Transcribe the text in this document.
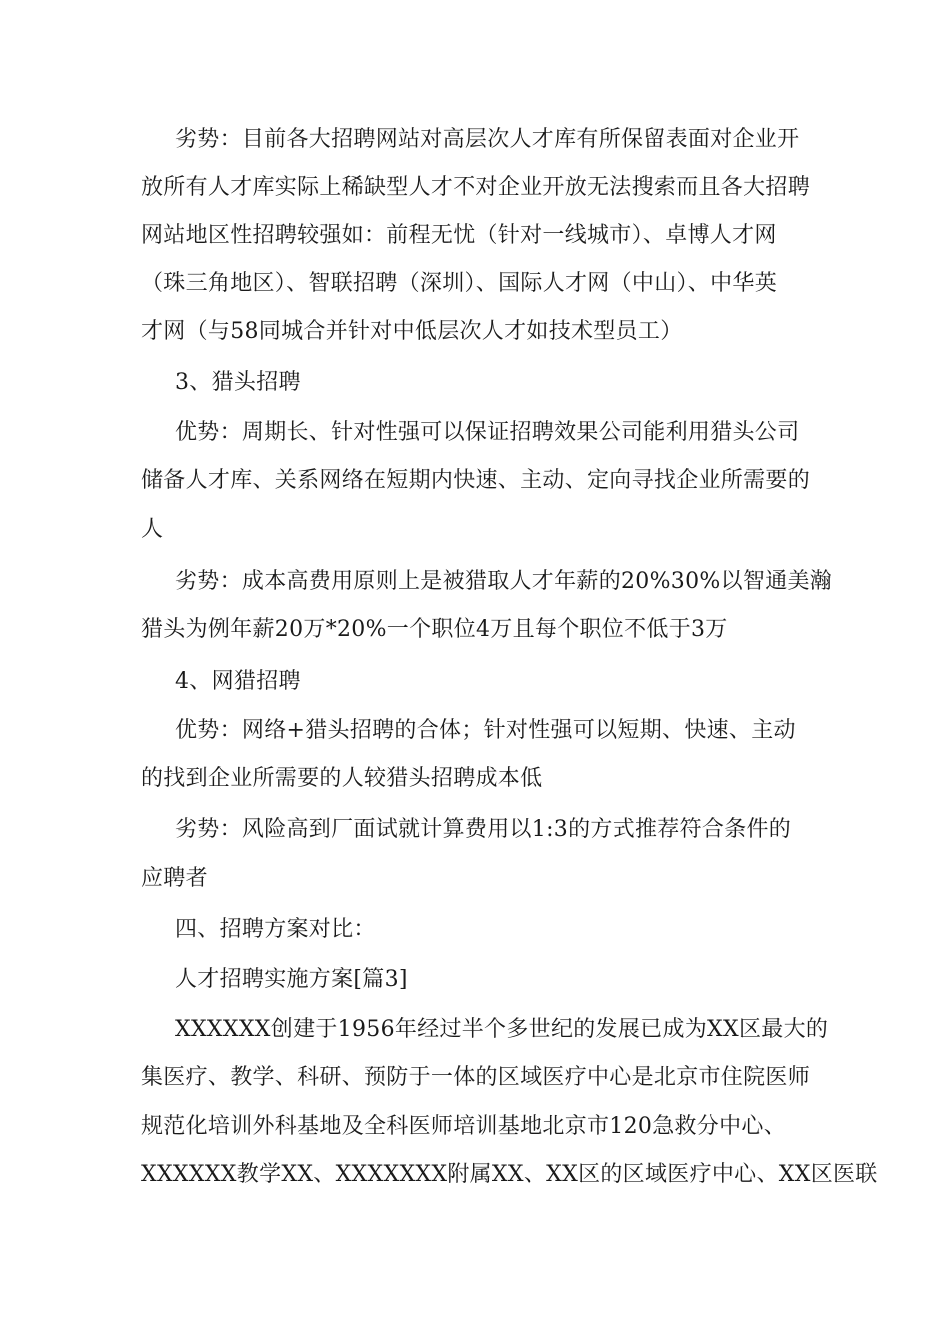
劣势：目前各大招聘网站对高层次人才库有所保留表面对企业开
放所有人才库实际上稀缺型人才不对企业开放无法搜索而且各大招聘
网站地区性招聘较强如：前程无忧（针对一线城市）、卓博人才网
（珠三角地区）、智联招聘（深圳）、国际人才网（中山）、中华英
才网（与58同城合并针对中低层次人才如技术型员工）
3、猎头招聘
优势：周期长、针对性强可以保证招聘效果公司能利用猎头公司
储备人才库、关系网络在短期内快速、主动、定向寻找企业所需要的
人
劣势：成本高费用原则上是被猎取人才年薪的20%30%以智通美瀚
猎头为例年薪20万*20%一个职位4万且每个职位不低于3万
4、网猎招聘
优势：网络+猎头招聘的合体；针对性强可以短期、快速、主动
的找到企业所需要的人较猎头招聘成本低
劣势：风险高到厂面试就计算费用以1:3的方式推荐符合条件的
应聘者
四、招聘方案对比：
人才招聘实施方案[篇3]
XXXXXX创建于1956年经过半个多世纪的发展已成为XX区最大的
集医疗、教学、科研、预防于一体的区域医疗中心是北京市住院医师
规范化培训外科基地及全科医师培训基地北京市120急救分中心、
XXXXXX教学XX、XXXXXXX附属XX、XX区的区域医疗中心、XX区医联
